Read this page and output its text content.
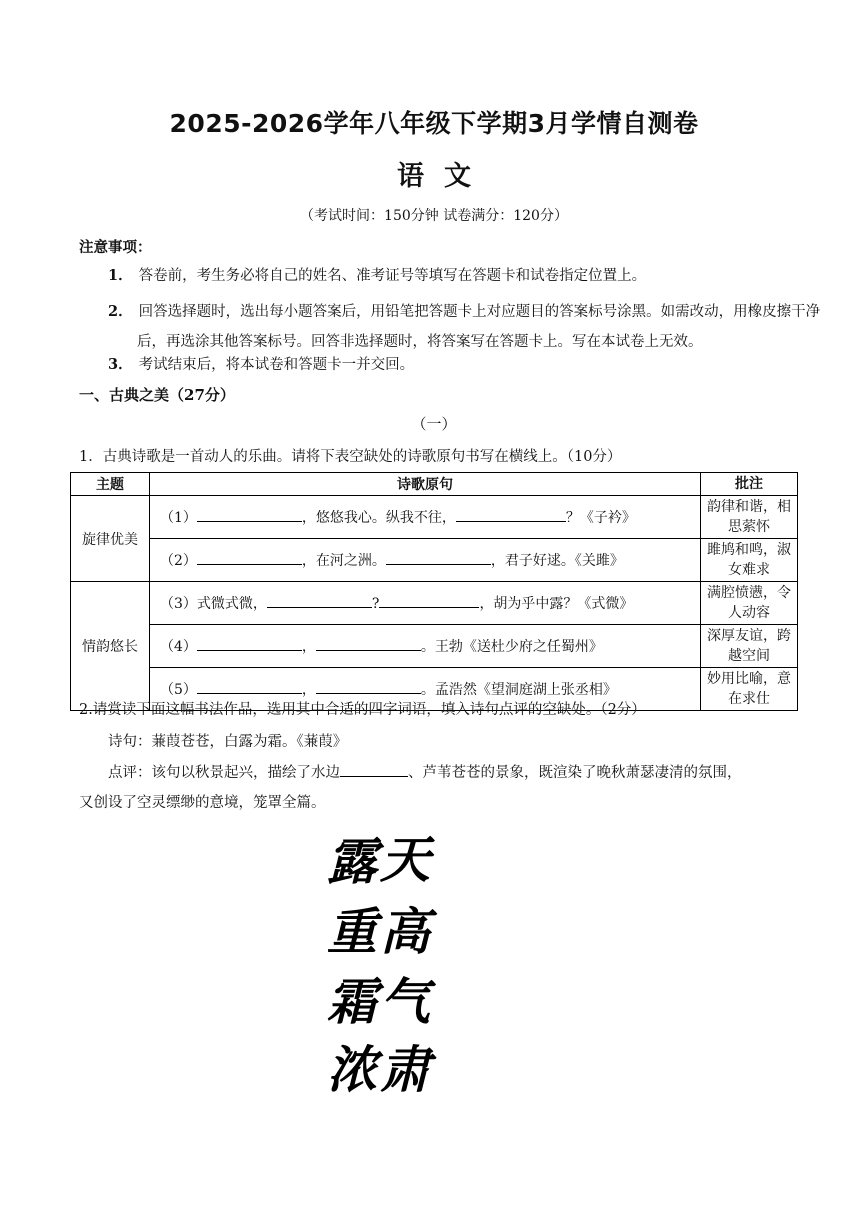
2025-2026学年八年级下学期3月学情自测卷
语 文
（考试时间：150分钟 试卷满分：120分）
注意事项：
1． 答卷前，考生务必将自己的姓名、准考证号等填写在答题卡和试卷指定位置上。
2． 回答选择题时，选出每小题答案后，用铅笔把答题卡上对应题目的答案标号涂黑。如需改动，用橡皮擦干净后，再选涂其他答案标号。回答非选择题时，将答案写在答题卡上。写在本试卷上无效。
3． 考试结束后，将本试卷和答题卡一并交回。
一、古典之美（27分）
（一）
1．古典诗歌是一首动人的乐曲。请将下表空缺处的诗歌原句书写在横线上。（10分）
主题	诗歌原句	批注
旋律优美	（1） ，悠悠我心。纵我不往， ？《子衿》	韵律和谐，相思萦怀
	（2） ，在河之洲。 ，君子好逑。《关雎》	雎鸠和鸣，淑女难求
情韵悠长	（3）式微式微， ? ，胡为乎中露？《式微》	满腔愤懑，令人动容
	（4） ， 。王勃《送杜少府之任蜀州》	深厚友谊，跨越空间
	（5） ， 。孟浩然《望洞庭湖上张丞相》	妙用比喻，意在求仕
2.请赏读下面这幅书法作品，选用其中合适的四字词语，填入诗句点评的空缺处。（2分）
诗句：蒹葭苍苍，白露为霜。《蒹葭》
点评：该句以秋景起兴，描绘了水边	、芦苇苍苍的景象，既渲染了晚秋萧瑟凄清的氛围，
又创设了空灵缥缈的意境，笼罩全篇。
天
高
气
肃
露
重
霜
浓
